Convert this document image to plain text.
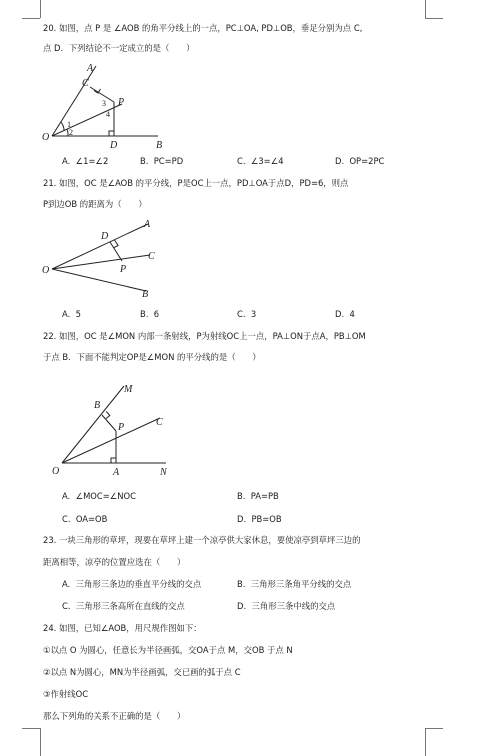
20. 如图，点 P 是 ∠AOB 的角平分线上的一点，PC⊥OA, PD⊥OB，垂足分别为点 C,
点 D．下列结论不一定成立的是（　　）
A
C
P
O
D	B
1
2
3
4
A. ∠1=∠2	B. PC=PD	C. ∠3=∠4	D. OP=2PC
21. 如图，OC 是∠AOB 的平分线，P是OC上一点，PD⊥OA于点D，PD=6，则点
P到边OB 的距离为（　　）
A
D
C
P
O
B
A. 5	B. 6	C. 3	D. 4
22. 如图，OC 是∠MON 内部一条射线，P为射线OC上一点，PA⊥ON于点A，PB⊥OM
于点 B．下面不能判定OP是∠MON 的平分线的是（　　）
M
B
P	C
O	A	N
A. ∠MOC=∠NOC	B. PA=PB
C. OA=OB	D. PB=OB
23. 一块三角形的草坪，现要在草坪上建一个凉亭供大家休息，要使凉亭到草坪三边的
距离相等，凉亭的位置应选在（　　）
A. 三角形三条边的垂直平分线的交点	B. 三角形三条角平分线的交点
C. 三角形三条高所在直线的交点	D. 三角形三条中线的交点
24. 如图，已知∠AOB，用尺规作图如下：
①以点 O 为圆心，任意长为半径画弧，交OA于点 M，交OB 于点 N
②以点 N为圆心，MN为半径画弧，交已画的弧于点 C
③作射线OC
那么下列角的关系不正确的是（　　）
